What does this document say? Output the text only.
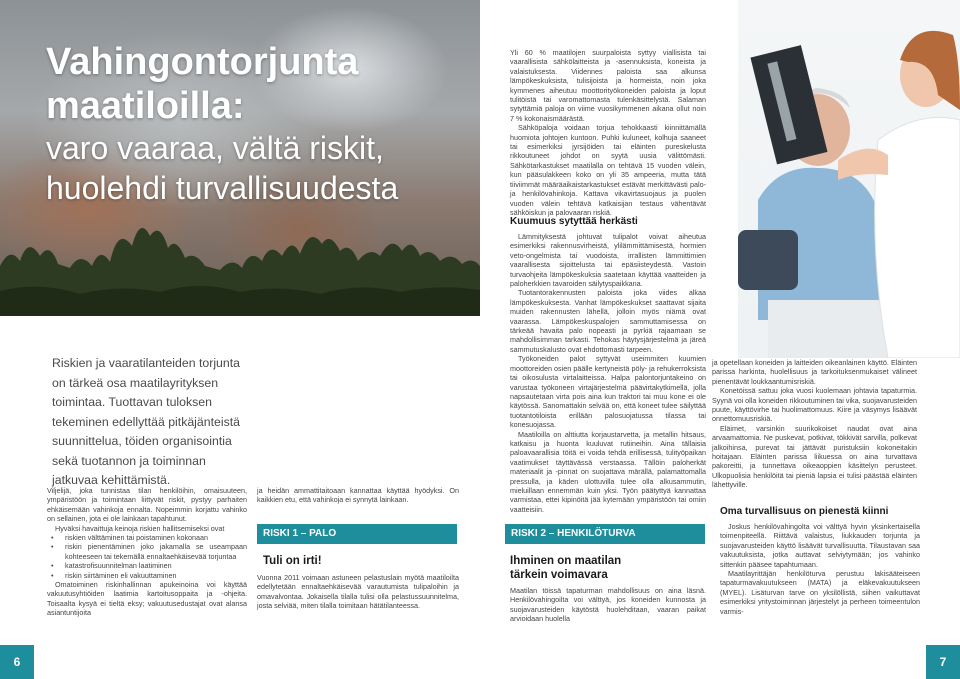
Vahingontorjunta
maatiloilla:
varo vaaraa, vältä riskit,
huolehdi turvallisuudesta

Riskien ja vaaratilanteiden torjunta on tärkeä osa maatilayrityksen toimintaa. Tuottavan tuloksen tekeminen edellyttää pitkäjänteistä suunnittelua, töiden organisointia sekä tuotannon ja toiminnan jatkuvaa kehittämistä.

Viljelijä, joka tunnistaa tilan henkilöihin, omaisuuteen, ympäristöön ja toimintaan liittyvät riskit, pystyy parhaiten ehkäisemään vahinkoja ennalta. Nopeimmin korjattu vahinko on sellainen, jota ei ole lainkaan tapahtunut.

Hyväksi havaittuja keinoja riskien hallitsemiseksi ovat

• riskien välttäminen tai poistaminen kokonaan
• riskin pienentäminen joko jakamalla se useampaan kohteeseen tai tekemällä ennaltaehkäisevää torjuntaa
• katastrofisuunnitelman laatiminen
• riskin siirtäminen eli vakuuttaminen

Omatoiminen riskinhallinnan apukeinoina voi käyttää vakuutusyhtiöiden laatimia kartoitusoppaita ja -ohjeita. Toisaalta kysyä ei tieltä eksy; vakuutusedustajat ovat alansa asiantuntijoita

ja heidän ammattitaitoaan kannattaa käyttää hyödyksi. On kaikkien etu, että vahinkoja ei synnytä lainkaan.

RISKI 1 – PALO
Tuli on irti!

Vuonna 2011 voimaan astuneen pelastuslain myötä maatiloilta edellytetään ennaltaehkäisevää varautumista tulipaloihin ja omavalvontaa. Jokaisella tilalla tulisi olla pelastussuunnitelma, josta selviää, miten tilalla toimitaan hätätilanteessa.

6

Yli 60 % maatilojen suurpaloista syttyy viallisista tai vaarallisista sähkölaitteista ja -asennuksista, koneista ja valaistuksesta. Viidennes paloista saa alkunsa lämpökeskuksista, tulisijoista ja hormeista, noin joka kymmenes aiheutuu moottorityökoneiden paloista ja loput tulitöistä tai varomattomasta tulenkäsittelystä. Salaman sytyttämiä paloja on viime vuosikymmenen aikana ollut noin 7 % kokonaismäärästä.

Sähköpaloja voidaan torjua tehokkaasti kiinnittämällä huomiota johtojen kuntoon. Puhki kuluneet, kolhuja saaneet tai esimerkiksi jyrsijöiden tai eläinten pureskelusta rikkoutuneet johdot on syytä uusia välittömästi. Sähkötarkastukset maatilalla on tehtävä 15 vuoden välein, kun pääsulakkeen koko on yli 35 ampeeria, mutta tätä tiiviimmät määräaikaistarkastukset estävät merkittävästi palo- ja henkilövahinkoja. Kattava vikavirtasuojaus ja puolen vuoden välein tehtävä katkaisijan testaus vähentävät sähköiskun ja palovaaran riskiä.

Kuumuus sytyttää herkästi

Lämmityksestä johtuvat tulipalot voivat aiheutua esimerkiksi rakennusvirheistä, ylilämmittämisestä, hormien veto-ongelmista tai vuodoista, irrallisten lämmittimien vaarallisesta sijoittelusta tai epäsiisteydestä. Vastoin turvaohjeita lämpökeskuksia saatetaan käyttää vaatteiden ja paloherkkien tavaroiden säilytyspaikkana.

Tuotantorakennusten paloista joka viides alkaa lämpökeskuksesta. Vanhat lämpökeskukset saattavat sijaita muiden rakennusten lähellä, jolloin myös niämä ovat vaarassa. Lämpökeskuspalojen sammuttamisessa on tärkeää havaita palo nopeasti ja pyrkiä rajaamaan se mahdollisimman tarkasti. Tehokas häytysjärjestelmä ja järeä sammutuskalusto ovat ehdottomasti tarpeen.

Työkoneiden palot syttyvät useimmiten kuumien moottoreiden osien päälle kertyneistä pöly- ja rehukerroksista tai oikosulusta virtalaitteissa. Halpa palontorjuntakeino on varustaa työkoneen virtajärjestelmä päävirtakytkimellä, jolla napsautetaan virta pois aina kun traktori tai muu kone ei ole käytössä. Sanomattakin selvää on, että koneet tulee säilyttää tuotantotiloista erillään palosuojatussa tilassa tai konesuojassa.

Maatiloilla on alttiutta korjaustarvetta, ja metallin hitsaus, katkaisu ja huonta kuuluvat rutiineihin. Aina tällaisia paloavaarallisia töitä ei voida tehdä erillisessä, tulityöpaikan vaatimukset täyttävässä verstaassa. Tällöin paloherkät materiaalit ja -pinnat on suojattava märällä, palamattomalla pressulla, ja käden ulottuvilla tulee olla alkusammutin, mieluillaan ennemmän kuin yksi. Työn päätyttyä kannattaa varmistaa, ettei kipinöitä jää kytemään ympäristöön tai omiin vaatteisiin.

RISKI 2 – HENKILÖTURVA
Ihminen on maatilan
tärkein voimavara

Maatilan töissä tapaturman mahdollisuus on aina läsnä. Henkilövahingoilta voi välttyä, jos koneiden kunnosta ja suojavarusteiden käytöstä huolehditaan, vaaran paikat arvioidaan huolella

ja opetellaan koneiden ja laitteiden oikeanlainen käyttö. Eläinten parissa harkinta, huolellisuus ja tarkoituksenmukaiset välineet pienentävät loukkaantumisriskiä.

Konetöissä sattuu joka vuosi kuolemaan johtavia tapaturmia. Syynä voi olla koneiden rikkoutuminen tai vika, suojavarusteiden puute, käyttövirhe tai huolimattomuus. Kiire ja väsymys lisäävät onnettomuusriskiä.

Eläimet, varsinkin suurikokoiset naudat ovat aina arvaamattomia. Ne puskevat, potkivat, tökkivät sarvilla, polkevat jalkoihinsa, purevat tai jättävät puristuksiin kokoneitakin hoitajaan. Eläinten parissa liikuessa on aina turvattava pakoreitti, ja tunnettava oikeaoppien käsittelyn perusteet. Ulkopuolisia henkilöitä tai pieniä lapsia ei tulisi päästää eläinten lähettyville.

Oma turvallisuus on pienestä kiinni

Joskus henkilövahingolta voi välttyä hyvin yksinkertaisella toimenpiteellä. Riittävä valaistus, liukkauden torjunta ja suojavarusteiden käyttö lisäävät turvallisuutta. Tilaustavan saa vakuutuksista, jotka auttavat selviytymään; jos vahinko sittenkin pääsee tapahtumaan.

Maatilayrittäjän henkilöturva perustuu lakisääteiseen tapaturmavakuutukseen (MATA) ja eläkevakuutukseen (MYEL). Lisäturvan tarve on yksilöllistä, siihen vaikuttavat esimerkiksi yritystoiminnan järjestelyt ja perheen toimeentulon varmis-

7
